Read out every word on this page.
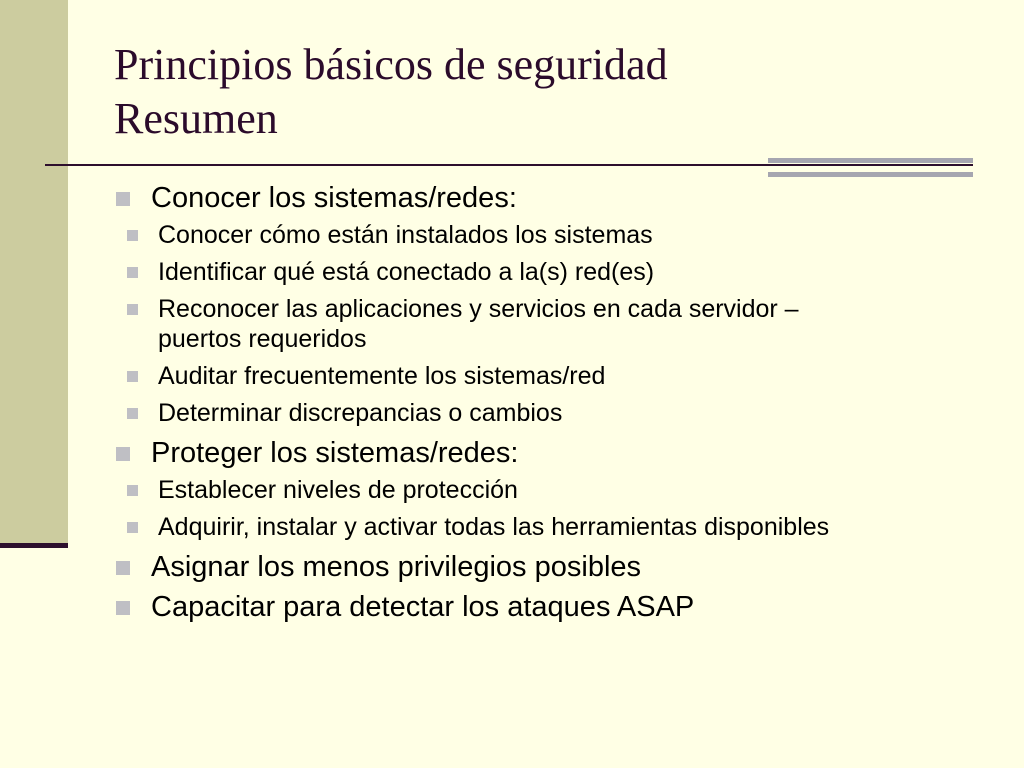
Principios básicos de seguridad
Resumen
Conocer los sistemas/redes:
Conocer cómo están instalados los sistemas
Identificar qué está conectado a la(s) red(es)
Reconocer las aplicaciones y servicios en cada servidor – puertos requeridos
Auditar frecuentemente los sistemas/red
Determinar discrepancias o cambios
Proteger los sistemas/redes:
Establecer niveles de protección
Adquirir, instalar y activar todas las herramientas disponibles
Asignar los menos privilegios posibles
Capacitar para detectar los ataques ASAP
